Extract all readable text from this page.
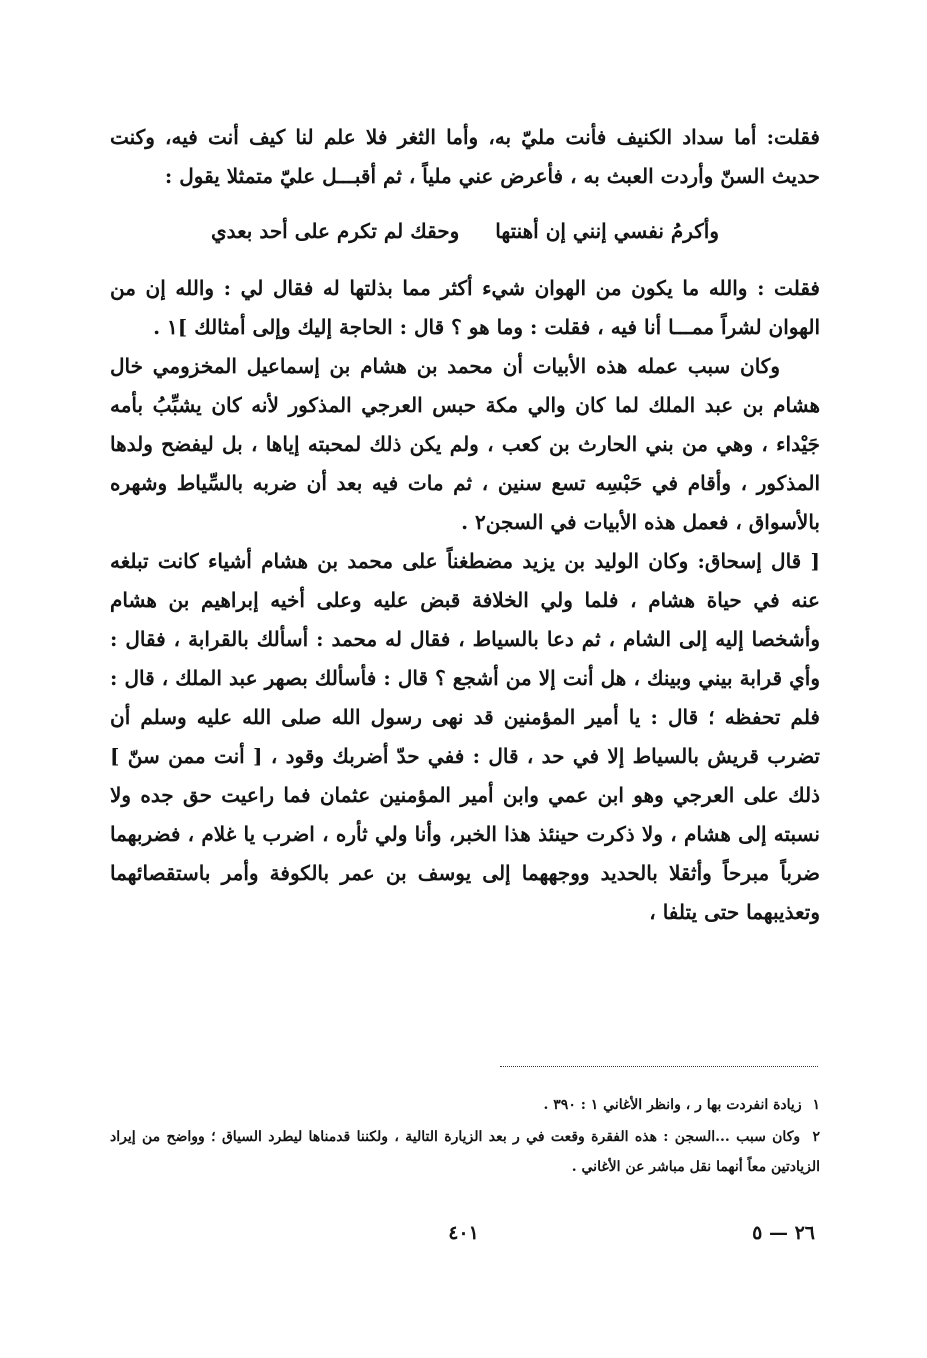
فقلت: أما سداد الكنيف فأنت مليّ به، وأما الثغر فلا علم لنا كيف أنت فيه، وكنت حديث السنّ وأردت العبث به ، فأعرض عني ملياً ، ثم أقبـــل عليّ متمثلا يقول :

وأكرمُ نفسي إنني إن أهنتها
وحقك لم تكرم على أحد بعدي

فقلت : والله ما يكون من الهوان شيء أكثر مما بذلتها له فقال لي : والله إن من الهوان لشراً ممـــا أنا فيه ، فقلت : وما هو ؟ قال : الحاجة إليك وإلى أمثالك ]١ .

وكان سبب عمله هذه الأبيات أن محمد بن هشام بن إسماعيل المخزومي خال هشام بن عبد الملك لما كان والي مكة حبس العرجي المذكور لأنه كان يشبِّبُ بأمه جَيْداء ، وهي من بني الحارث بن كعب ، ولم يكن ذلك لمحبته إياها ، بل ليفضح ولدها المذكور ، وأقام في حَبْسِه تسع سنين ، ثم مات فيه بعد أن ضربه بالسِّياط وشهره بالأسواق ، فعمل هذه الأبيات في السجن٢ .

[ قال إسحاق: وكان الوليد بن يزيد مضطغناً على محمد بن هشام أشياء كانت تبلغه عنه في حياة هشام ، فلما ولي الخلافة قبض عليه وعلى أخيه إبراهيم بن هشام وأشخصا إليه إلى الشام ، ثم دعا بالسياط ، فقال له محمد : أسألك بالقرابة ، فقال : وأي قرابة بيني وبينك ، هل أنت إلا من أشجع ؟ قال : فأسألك بصهر عبد الملك ، قال : فلم تحفظه ؛ قال : يا أمير المؤمنين قد نهى رسول الله صلى الله عليه وسلم أن تضرب قريش بالسياط إلا في حد ، قال : ففي حدّ أضربك وقود ، [ أنت ممن سنّ ] ذلك على العرجي وهو ابن عمي وابن أمير المؤمنين عثمان فما راعيت حق جده ولا نسبته إلى هشام ، ولا ذكرت حينئذ هذا الخبر، وأنا ولي ثأره ، اضرب يا غلام ، فضربهما ضرباً مبرحاً وأثقلا بالحديد ووجههما إلى يوسف بن عمر بالكوفة وأمر باستقصائهما وتعذيبهما حتى يتلفا ،

١ زيادة انفردت بها ر ، وانظر الأغاني ١ : ٣٩٠ .

٢ وكان سبب ...السجن : هذه الفقرة وقعت في ر بعد الزيارة التالية ، ولكننا قدمناها ليطرد السياق ؛ وواضح من إيراد الزيادتين معاً أنهما نقل مباشر عن الأغاني .

٤٠١	٢٦ — ٥
